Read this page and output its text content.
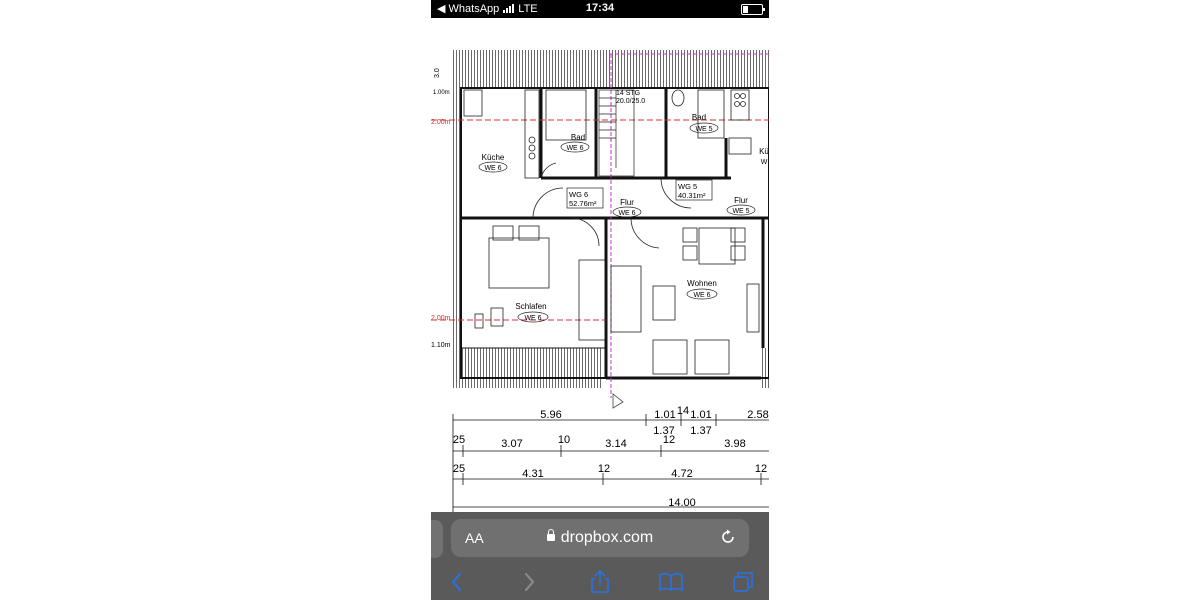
◀ WhatsApp LTE	17:34
3.0
1.00m
2.00m
2.00m
1.10m
14 STG
20.0/25.0
Küche
WE 6
Bad
WE 6
Bad
WE 5
Kü
W
Flur
WE 6
Flur
WE 5
Schlafen
WE 6
Wohnen
WE 6
WG 6
52.76m²
WG 5
40.31m²
5.96	1.01 14 1.01	2.58
1.37 1.37
25	3.07	10	3.14	12	3.98
25	4.31	12	4.72	12
14.00
AA	dropbox.com
